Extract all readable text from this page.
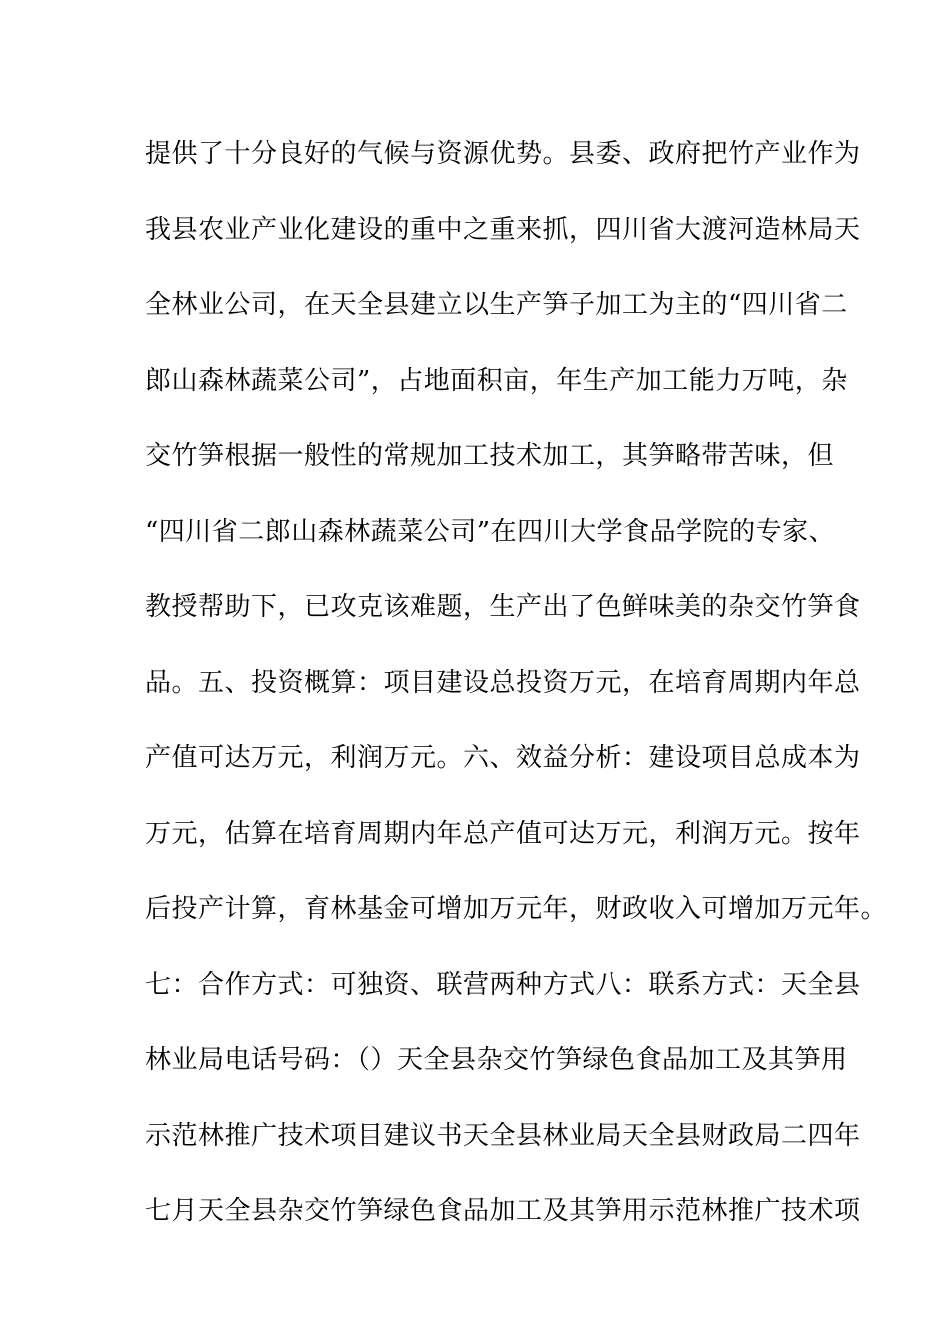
提供了十分良好的气候与资源优势。县委、政府把竹产业作为
我县农业产业化建设的重中之重来抓，四川省大渡河造林局天
全林业公司，在天全县建立以生产笋子加工为主的“四川省二
郎山森林蔬菜公司”，占地面积亩，年生产加工能力万吨，杂
交竹笋根据一般性的常规加工技术加工，其笋略带苦味，但
“四川省二郎山森林蔬菜公司”在四川大学食品学院的专家、
教授帮助下，已攻克该难题，生产出了色鲜味美的杂交竹笋食
品。五、投资概算：项目建设总投资万元，在培育周期内年总
产值可达万元，利润万元。六、效益分析：建设项目总成本为
万元，估算在培育周期内年总产值可达万元，利润万元。按年
后投产计算，育林基金可增加万元年，财政收入可增加万元年。
七：合作方式：可独资、联营两种方式八：联系方式：天全县
林业局电话号码：（）天全县杂交竹笋绿色食品加工及其笋用
示范林推广技术项目建议书天全县林业局天全县财政局二四年
七月天全县杂交竹笋绿色食品加工及其笋用示范林推广技术项
